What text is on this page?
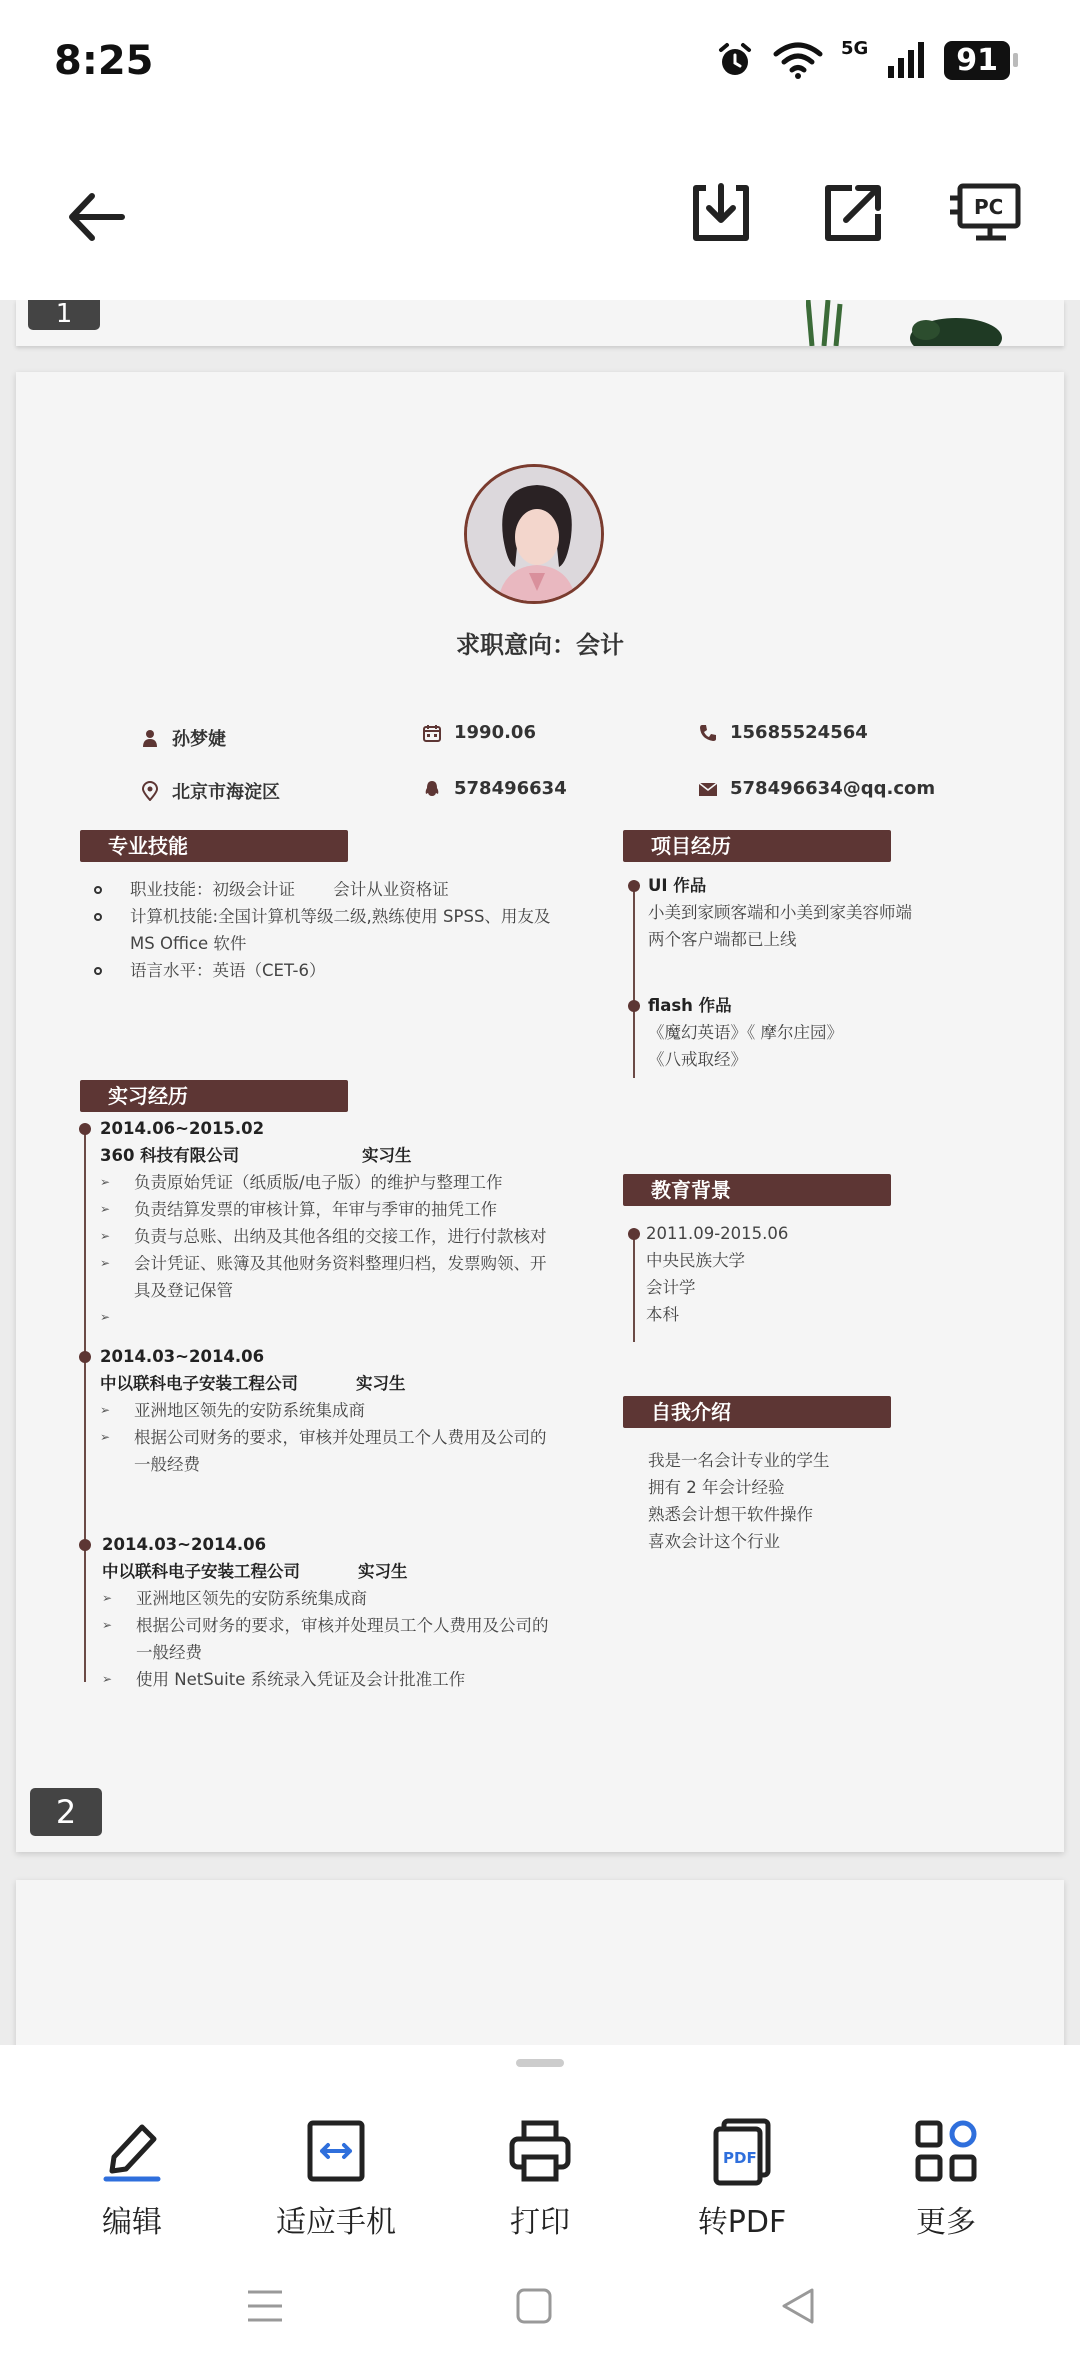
8:25	5G	91
PC
1
求职意向：会计
孙梦婕	1990.06	15685524564
北京市海淀区	578496634	578496634@qq.com
专业技能
职业技能：初级会计证　　 会计从业资格证
计算机技能:全国计算机等级二级,熟练使用 SPSS、用友及
MS Office 软件
语言水平：英语（CET-6）
项目经历
UI 作品
小美到家顾客端和小美到家美容师端
两个客户端都已上线
flash 作品
《魔幻英语》《 摩尔庄园》
《八戒取经》
实习经历
2014.06~2015.02
360 科技有限公司	实习生
➢ 负责原始凭证（纸质版/电子版）的维护与整理工作
➢ 负责结算发票的审核计算，年审与季审的抽凭工作
➢ 负责与总账、出纳及其他各组的交接工作，进行付款核对
➢ 会计凭证、账簿及其他财务资料整理归档，发票购领、开
具及登记保管
➢
2014.03~2014.06
中以联科电子安装工程公司	实习生
➢ 亚洲地区领先的安防系统集成商
➢ 根据公司财务的要求，审核并处理员工个人费用及公司的
一般经费
2014.03~2014.06
中以联科电子安装工程公司	实习生
➢ 亚洲地区领先的安防系统集成商
➢ 根据公司财务的要求，审核并处理员工个人费用及公司的
一般经费
➢ 使用 NetSuite 系统录入凭证及会计批准工作
教育背景
2011.09-2015.06
中央民族大学
会计学
本科
自我介绍
我是一名会计专业的学生
拥有 2 年会计经验
熟悉会计想干软件操作
喜欢会计这个行业
2
编辑	适应手机	打印
PDF
转PDF	更多
